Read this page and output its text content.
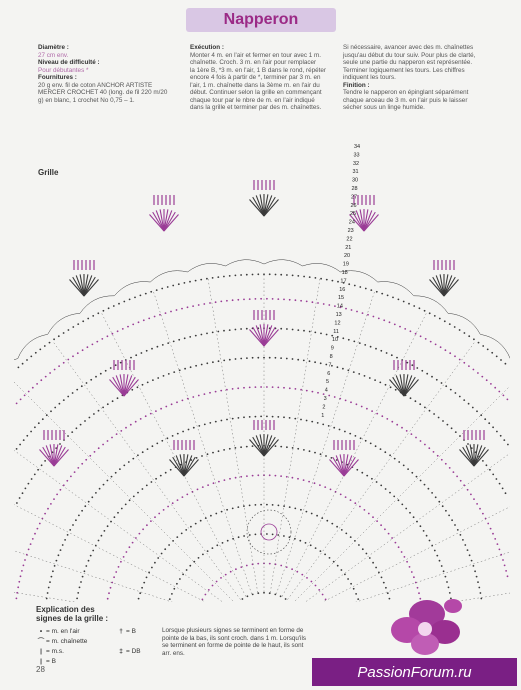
Napperon
Diamètre :
27 cm env.
Niveau de difficulté :
Pour débutantes *
Fournitures :
20 g env. fil de coton ANCHOR ARTISTE
MERCER CROCHET 40 (long. de fil 220 m/20
g) en blanc, 1 crochet No 0,75 – 1.
Exécution :
Monter 4 m. en l'air et fermer en tour avec 1 m.
chaînette. Croch. 3 m. en l'air pour remplacer
la 1ère B, *3 m. en l'air, 1 B dans le rond, répéter
encore 4 fois à partir de *, terminer par 3 m. en
l'air, 1 m. chaînette dans la 3ème m. en l'air du
début. Continuer selon la grille en commençant
chaque tour par le nbre de m. en l'air indiqué
dans la grille et terminer par des m. chaînettes.
Si nécessaire, avancer avec des m. chaînettes
jusqu'au début du tour suiv. Pour plus de clarté,
seule une partie du napperon est représentée.
Terminer logiquement les tours. Les chiffres
indiquent les tours.
Finition :
Tendre le napperon en épinglant séparément
chaque arceau de 3 m. en l'air puis le laisser
sécher sous un linge humide.
34
33
32
31
30
28
27
26
25
24
23
22
21
20
19
18
17
16
15
14
13
12
11
10
9
8
7
6
5
4
3
2
1
Grille
Explication des
signes de la grille :
• = m. en l'air
⌒ = m. chaînette
| = m.s.
| = B
† = B
‡ = DB
Lorsque plusieurs signes se terminent en forme de
pointe de la bas, ils sont croch. dans 1 m. Lorsqu'ils
se terminent en forme de pointe de le haut, ils sont
arr. ens.
28	PassionForum.ru
